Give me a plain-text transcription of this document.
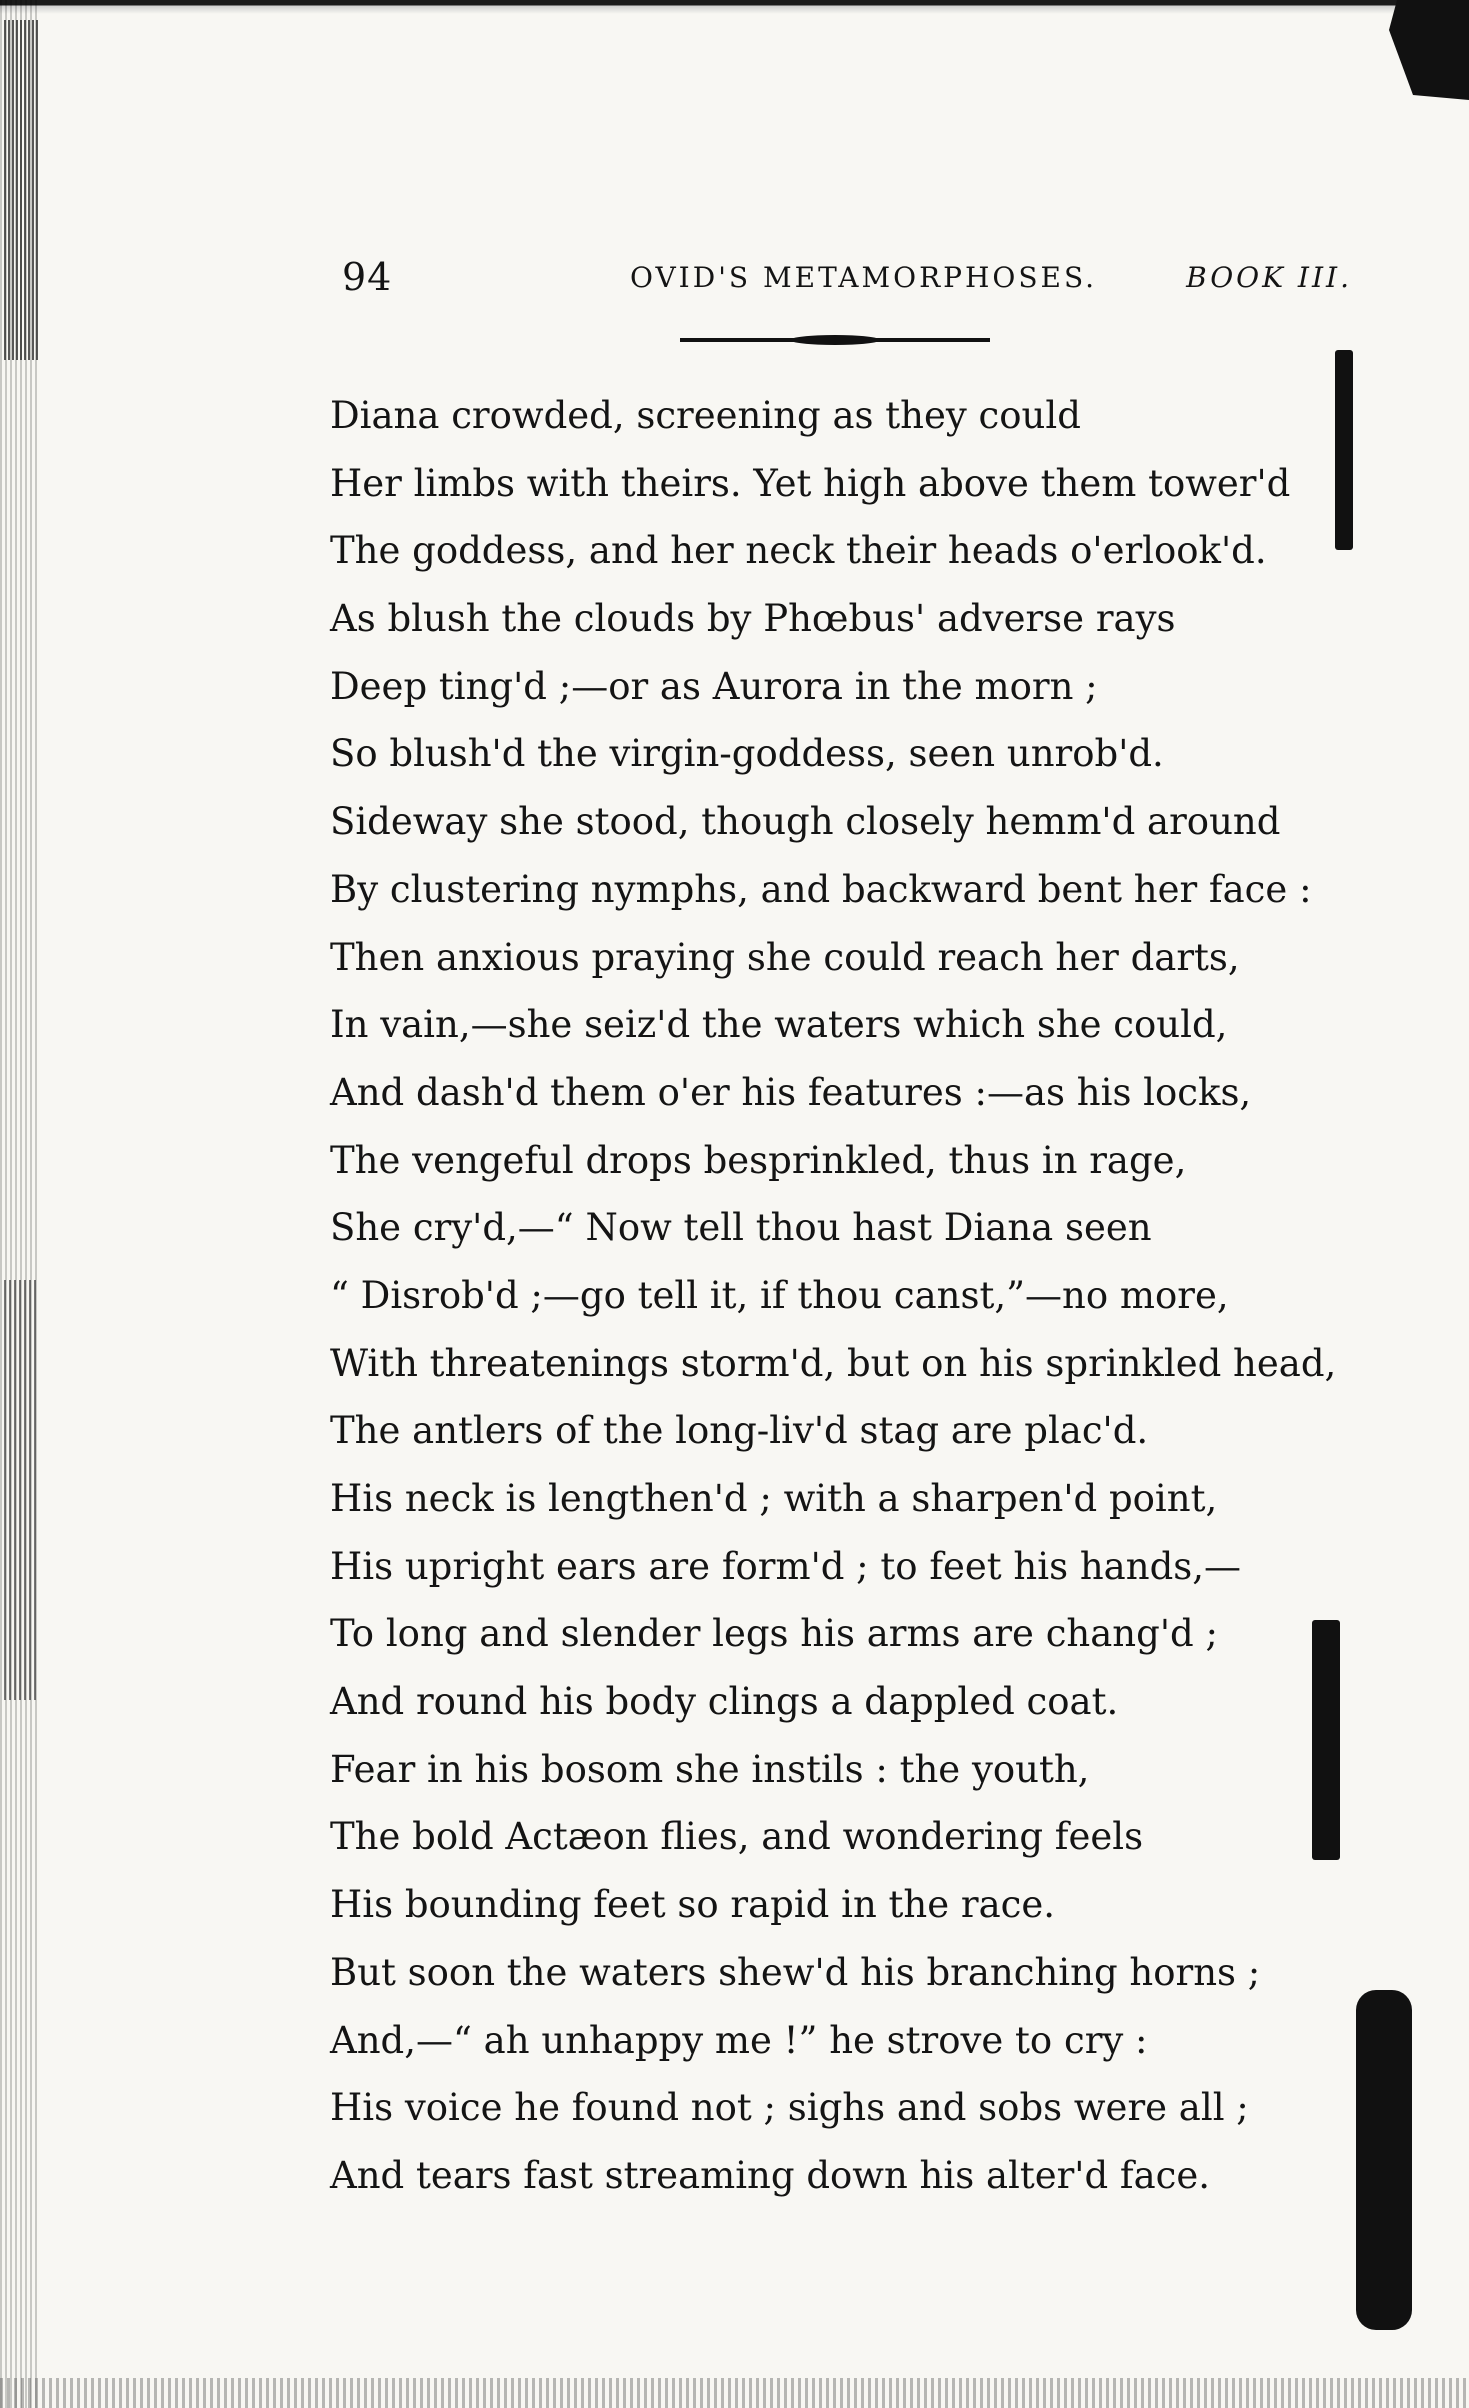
94	OVID'S METAMORPHOSES.	BOOK III.
Diana crowded, screening as they could
Her limbs with theirs. Yet high above them tower'd
The goddess, and her neck their heads o'erlook'd.
As blush the clouds by Phœbus' adverse rays
Deep ting'd ;—or as Aurora in the morn ;
So blush'd the virgin-goddess, seen unrob'd.
Sideway she stood, though closely hemm'd around
By clustering nymphs, and backward bent her face :
Then anxious praying she could reach her darts,
In vain,—she seiz'd the waters which she could,
And dash'd them o'er his features :—as his locks,
The vengeful drops besprinkled, thus in rage,
She cry'd,—“ Now tell thou hast Diana seen
“ Disrob'd ;—go tell it, if thou canst,”—no more,
With threatenings storm'd, but on his sprinkled head,
The antlers of the long-liv'd stag are plac'd.
His neck is lengthen'd ; with a sharpen'd point,
His upright ears are form'd ; to feet his hands,—
To long and slender legs his arms are chang'd ;
And round his body clings a dappled coat.
Fear in his bosom she instils : the youth,
The bold Actæon flies, and wondering feels
His bounding feet so rapid in the race.
But soon the waters shew'd his branching horns ;
And,—“ ah unhappy me !” he strove to cry :
His voice he found not ; sighs and sobs were all ;
And tears fast streaming down his alter'd face.
